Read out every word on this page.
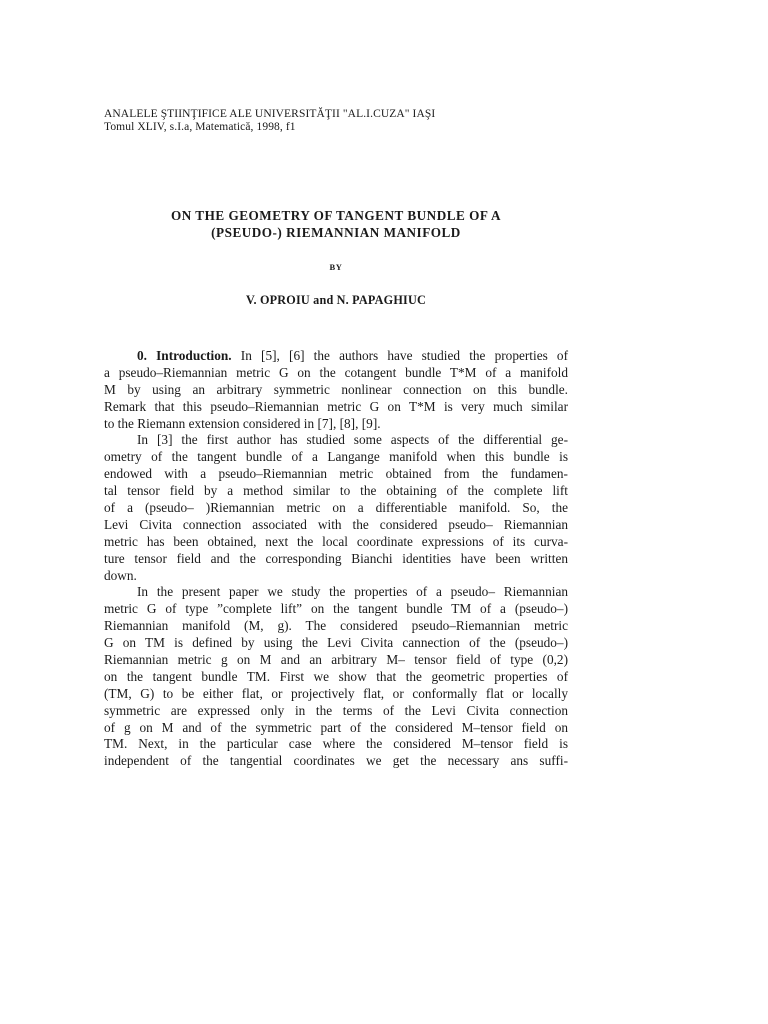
ANALELE ŞTIINŢIFICE ALE UNIVERSITĂŢII "AL.I.CUZA" IAŞI
Tomul XLIV, s.I.a, Matematică, 1998, f1
ON THE GEOMETRY OF TANGENT BUNDLE OF A
(PSEUDO-) RIEMANNIAN MANIFOLD
BY
V. OPROIU and N. PAPAGHIUC
0. Introduction. In [5], [6] the authors have studied the properties of
a pseudo–Riemannian metric G on the cotangent bundle T*M of a manifold
M by using an arbitrary symmetric nonlinear connection on this bundle.
Remark that this pseudo–Riemannian metric G on T*M is very much similar
to the Riemann extension considered in [7], [8], [9].
In [3] the first author has studied some aspects of the differential ge-
ometry of the tangent bundle of a Langange manifold when this bundle is
endowed with a pseudo–Riemannian metric obtained from the fundamen-
tal tensor field by a method similar to the obtaining of the complete lift
of a (pseudo– )Riemannian metric on a differentiable manifold. So, the
Levi Civita connection associated with the considered pseudo– Riemannian
metric has been obtained, next the local coordinate expressions of its curva-
ture tensor field and the corresponding Bianchi identities have been written
down.
In the present paper we study the properties of a pseudo– Riemannian
metric G of type ”complete lift” on the tangent bundle TM of a (pseudo–)
Riemannian manifold (M, g). The considered pseudo–Riemannian metric
G on TM is defined by using the Levi Civita cannection of the (pseudo–)
Riemannian metric g on M and an arbitrary M– tensor field of type (0,2)
on the tangent bundle TM. First we show that the geometric properties of
(TM, G) to be either flat, or projectively flat, or conformally flat or locally
symmetric are expressed only in the terms of the Levi Civita connection
of g on M and of the symmetric part of the considered M–tensor field on
TM. Next, in the particular case where the considered M–tensor field is
independent of the tangential coordinates we get the necessary ans suffi-
